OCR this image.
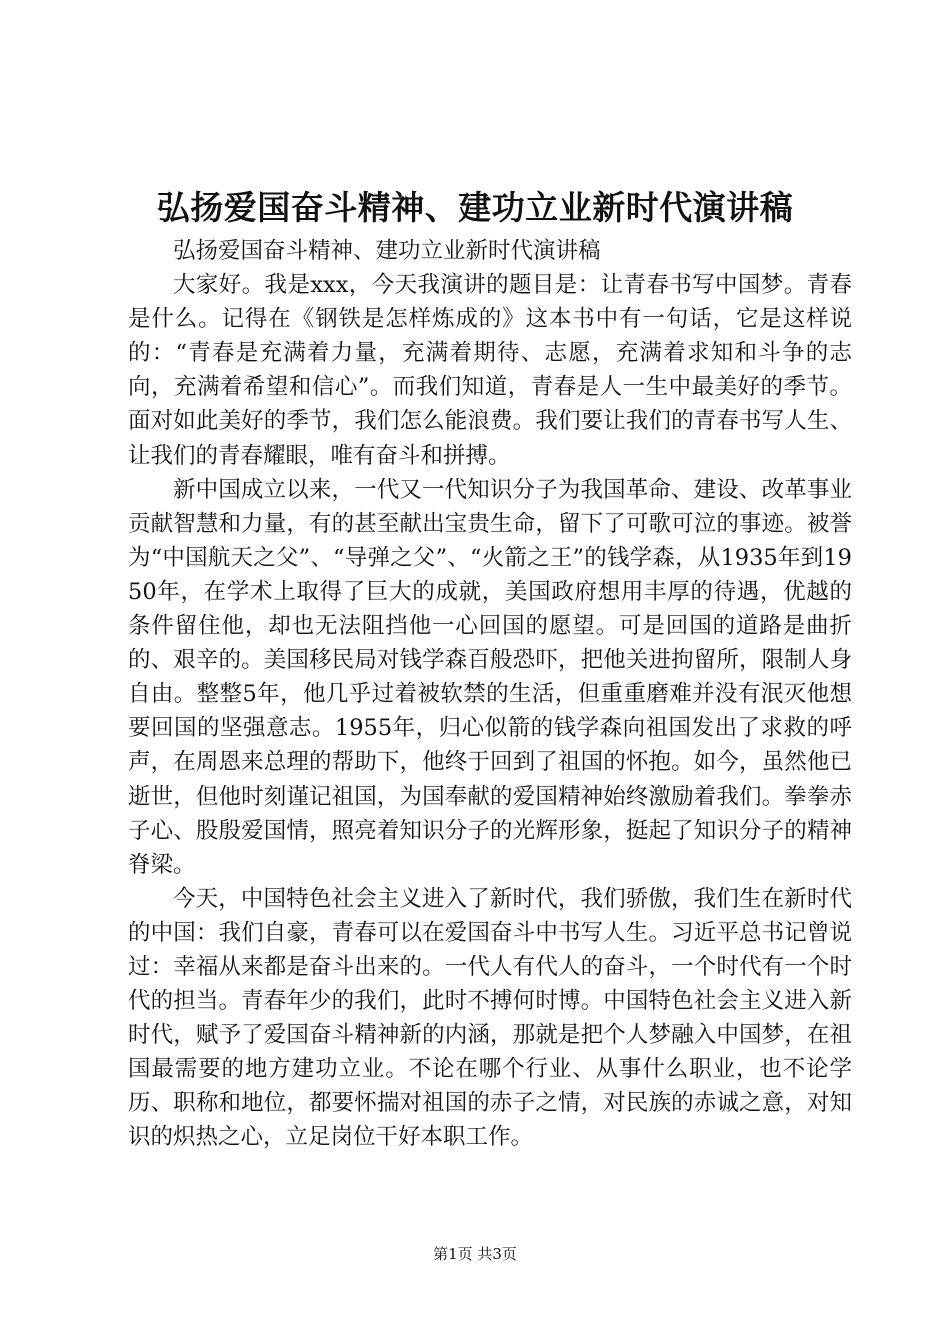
弘扬爱国奋斗精神、建功立业新时代演讲稿

弘扬爱国奋斗精神、建功立业新时代演讲稿

大家好。我是xxx，今天我演讲的题目是：让青春书写中国梦。青春是什么。记得在《钢铁是怎样炼成的》这本书中有一句话，它是这样说的：“青春是充满着力量，充满着期待、志愿，充满着求知和斗争的志向，充满着希望和信心”。而我们知道，青春是人一生中最美好的季节。面对如此美好的季节，我们怎么能浪费。我们要让我们的青春书写人生、让我们的青春耀眼，唯有奋斗和拼搏。

新中国成立以来，一代又一代知识分子为我国革命、建设、改革事业贡献智慧和力量，有的甚至献出宝贵生命，留下了可歌可泣的事迹。被誉为“中国航天之父”、“导弹之父”、“火箭之王”的钱学森，从1935年到1950年，在学术上取得了巨大的成就，美国政府想用丰厚的待遇，优越的条件留住他，却也无法阻挡他一心回国的愿望。可是回国的道路是曲折的、艰辛的。美国移民局对钱学森百般恐吓，把他关进拘留所，限制人身自由。整整5年，他几乎过着被软禁的生活，但重重磨难并没有泯灭他想要回国的坚强意志。1955年，归心似箭的钱学森向祖国发出了求救的呼声，在周恩来总理的帮助下，他终于回到了祖国的怀抱。如今，虽然他已逝世，但他时刻谨记祖国，为国奉献的爱国精神始终激励着我们。拳拳赤子心、股殷爱国情，照亮着知识分子的光辉形象，挺起了知识分子的精神脊梁。

今天，中国特色社会主义进入了新时代，我们骄傲，我们生在新时代的中国：我们自豪，青春可以在爱国奋斗中书写人生。习近平总书记曾说过：幸福从来都是奋斗出来的。一代人有代人的奋斗，一个时代有一个时代的担当。青春年少的我们，此时不搏何时博。中国特色社会主义进入新时代，赋予了爱国奋斗精神新的内涵，那就是把个人梦融入中国梦，在祖国最需要的地方建功立业。不论在哪个行业、从事什么职业，也不论学历、职称和地位，都要怀揣对祖国的赤子之情，对民族的赤诚之意，对知识的炽热之心，立足岗位干好本职工作。

第1页 共3页
